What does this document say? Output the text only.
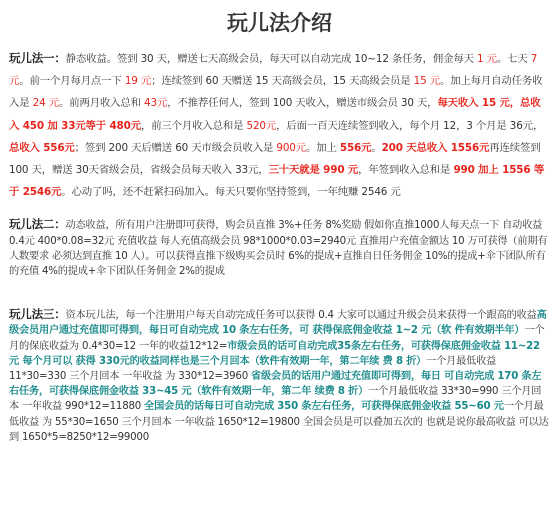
玩儿法介绍

玩儿法一：静态收益。签到 30 天，赠送七天高级会员，每天可以自动完成 10~12 条任务，佣金每天 1 元。七天 7 元。前一个月每月点一下 19 元；连续签到 60 天赠送 15 天高级会员，15 天高级会员是 15 元。加上每月自动任务收入是 24 元。前两月收入总和 43元，不推荐任何人，签到 100 天收入，赠送市级会员 30 天，每天收入 15 元，总收入 450 加 33元等于 480元，前三个月收入总和是 520元，后面一百天连续签到收入，每个月 12，3 个月是 36元，总收入 556元；签到 200 天后赠送 60 天市级会员收入是 900元。加上 556元。200 天总收入 1556元再连续签到 100 天，赠送 30天省级会员，省级会员每天收入 33元，三十天就是 990 元，年签到收入总和是 990 加上 1556 等于 2546元。心动了吗，还不赶紧扫码加入。每天只要你坚持签到，一年纯赚 2546 元

玩儿法二：动态收益，所有用户注册即可获得，购会员直推 3%+任务 8%奖励 假如你直推1000人每天点一下 自动收益 0.4元 400*0.08=32元 充值收益 每人充值高级会员 98*1000*0.03=2940元 直推用户充值金额达 10 万可获得（前期有人数要求 必须达到直推 10 人）。可以获得直推下级购买会员时 6%的提成+直推自日任务佣金 10%的提成+伞下团队所有的充值 4%的提成+伞下团队任务佣金 2%的提成

玩儿法三：资本玩儿法，每一个注册用户每天自动完成任务可以获得 0.4 大家可以通过升级会员来获得一个跟高的收益高级会员用户通过充值即可得到，每日可自动完成 10 条左右任务，可 获得保底佣金收益 1~2 元（软 件有效期半年）一个月的保底收益为 0.4*30=12 一年的收益12*12=市级会员的话可自动完成35条左右任务，可获得保底佣金收益 11~22 元 每个月可以 获得 330元的收益同样也是三个月回本（软件有效期一年，第二年续 费 8 折）一个月最低收益 11*30=330 三个月回本 一年收益 为 330*12=3960 省级会员的话用户通过充值即可得到，每日 可自动完成 170 条左右任务，可获得保底佣金收益 33~45 元（软件有效期一年，第二年 续费 8 折）一个月最低收益 33*30=990 三个月回本 一年收益 990*12=11880 全国会员的话每日可自动完成 350 条左右任务，可获得保底佣金收益 55~60 元一个月最低收益 为 55*30=1650 三个月回本 一年收益 1650*12=19800 全国会员是可以叠加五次的 也就是说你最高收益 可以达到 1650*5=8250*12=99000
